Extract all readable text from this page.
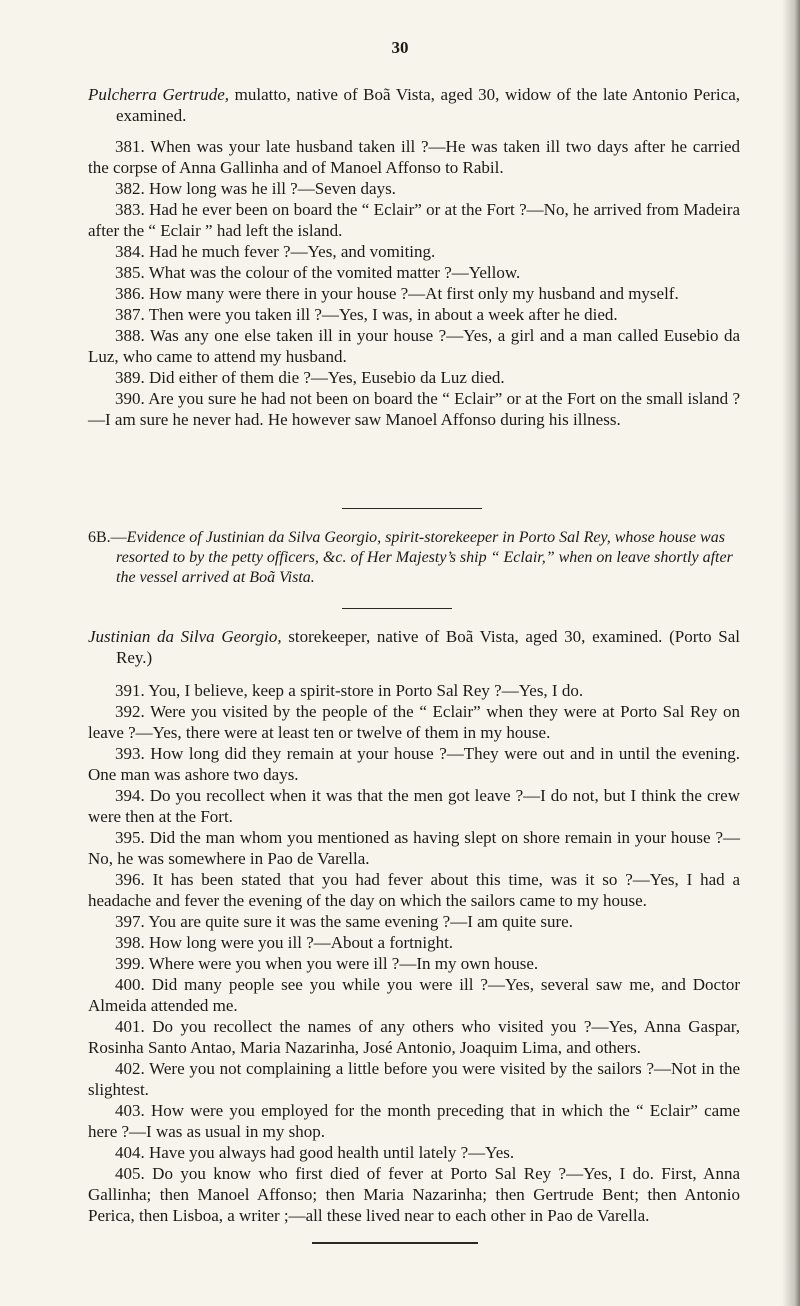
30

Pulcherra Gertrude, mulatto, native of Boã Vista, aged 30, widow of the late Antonio Perica, examined.

381. When was your late husband taken ill ?—He was taken ill two days after he carried the corpse of Anna Gallinha and of Manoel Affonso to Rabil.

382. How long was he ill ?—Seven days.

383. Had he ever been on board the “ Eclair” or at the Fort ?—No, he arrived from Madeira after the “ Eclair ” had left the island.

384. Had he much fever ?—Yes, and vomiting.

385. What was the colour of the vomited matter ?—Yellow.

386. How many were there in your house ?—At first only my husband and myself.

387. Then were you taken ill ?—Yes, I was, in about a week after he died.

388. Was any one else taken ill in your house ?—Yes, a girl and a man called Eusebio da Luz, who came to attend my husband.

389. Did either of them die ?—Yes, Eusebio da Luz died.

390. Are you sure he had not been on board the “ Eclair” or at the Fort on the small island ?—I am sure he never had. He however saw Manoel Affonso during his illness.

6B.—Evidence of Justinian da Silva Georgio, spirit-storekeeper in Porto Sal Rey, whose house was resorted to by the petty officers, &c. of Her Majesty’s ship “ Eclair,” when on leave shortly after the vessel arrived at Boã Vista.

Justinian da Silva Georgio, storekeeper, native of Boã Vista, aged 30, examined. (Porto Sal Rey.)

391. You, I believe, keep a spirit-store in Porto Sal Rey ?—Yes, I do.

392. Were you visited by the people of the “ Eclair” when they were at Porto Sal Rey on leave ?—Yes, there were at least ten or twelve of them in my house.

393. How long did they remain at your house ?—They were out and in until the evening. One man was ashore two days.

394. Do you recollect when it was that the men got leave ?—I do not, but I think the crew were then at the Fort.

395. Did the man whom you mentioned as having slept on shore remain in your house ?—No, he was somewhere in Pao de Varella.

396. It has been stated that you had fever about this time, was it so ?—Yes, I had a headache and fever the evening of the day on which the sailors came to my house.

397. You are quite sure it was the same evening ?—I am quite sure.

398. How long were you ill ?—About a fortnight.

399. Where were you when you were ill ?—In my own house.

400. Did many people see you while you were ill ?—Yes, several saw me, and Doctor Almeida attended me.

401. Do you recollect the names of any others who visited you ?—Yes, Anna Gaspar, Rosinha Santo Antao, Maria Nazarinha, José Antonio, Joaquim Lima, and others.

402. Were you not complaining a little before you were visited by the sailors ?—Not in the slightest.

403. How were you employed for the month preceding that in which the “ Eclair” came here ?—I was as usual in my shop.

404. Have you always had good health until lately ?—Yes.

405. Do you know who first died of fever at Porto Sal Rey ?—Yes, I do. First, Anna Gallinha; then Manoel Affonso; then Maria Nazarinha; then Gertrude Bent; then Antonio Perica, then Lisboa, a writer ;—all these lived near to each other in Pao de Varella.
